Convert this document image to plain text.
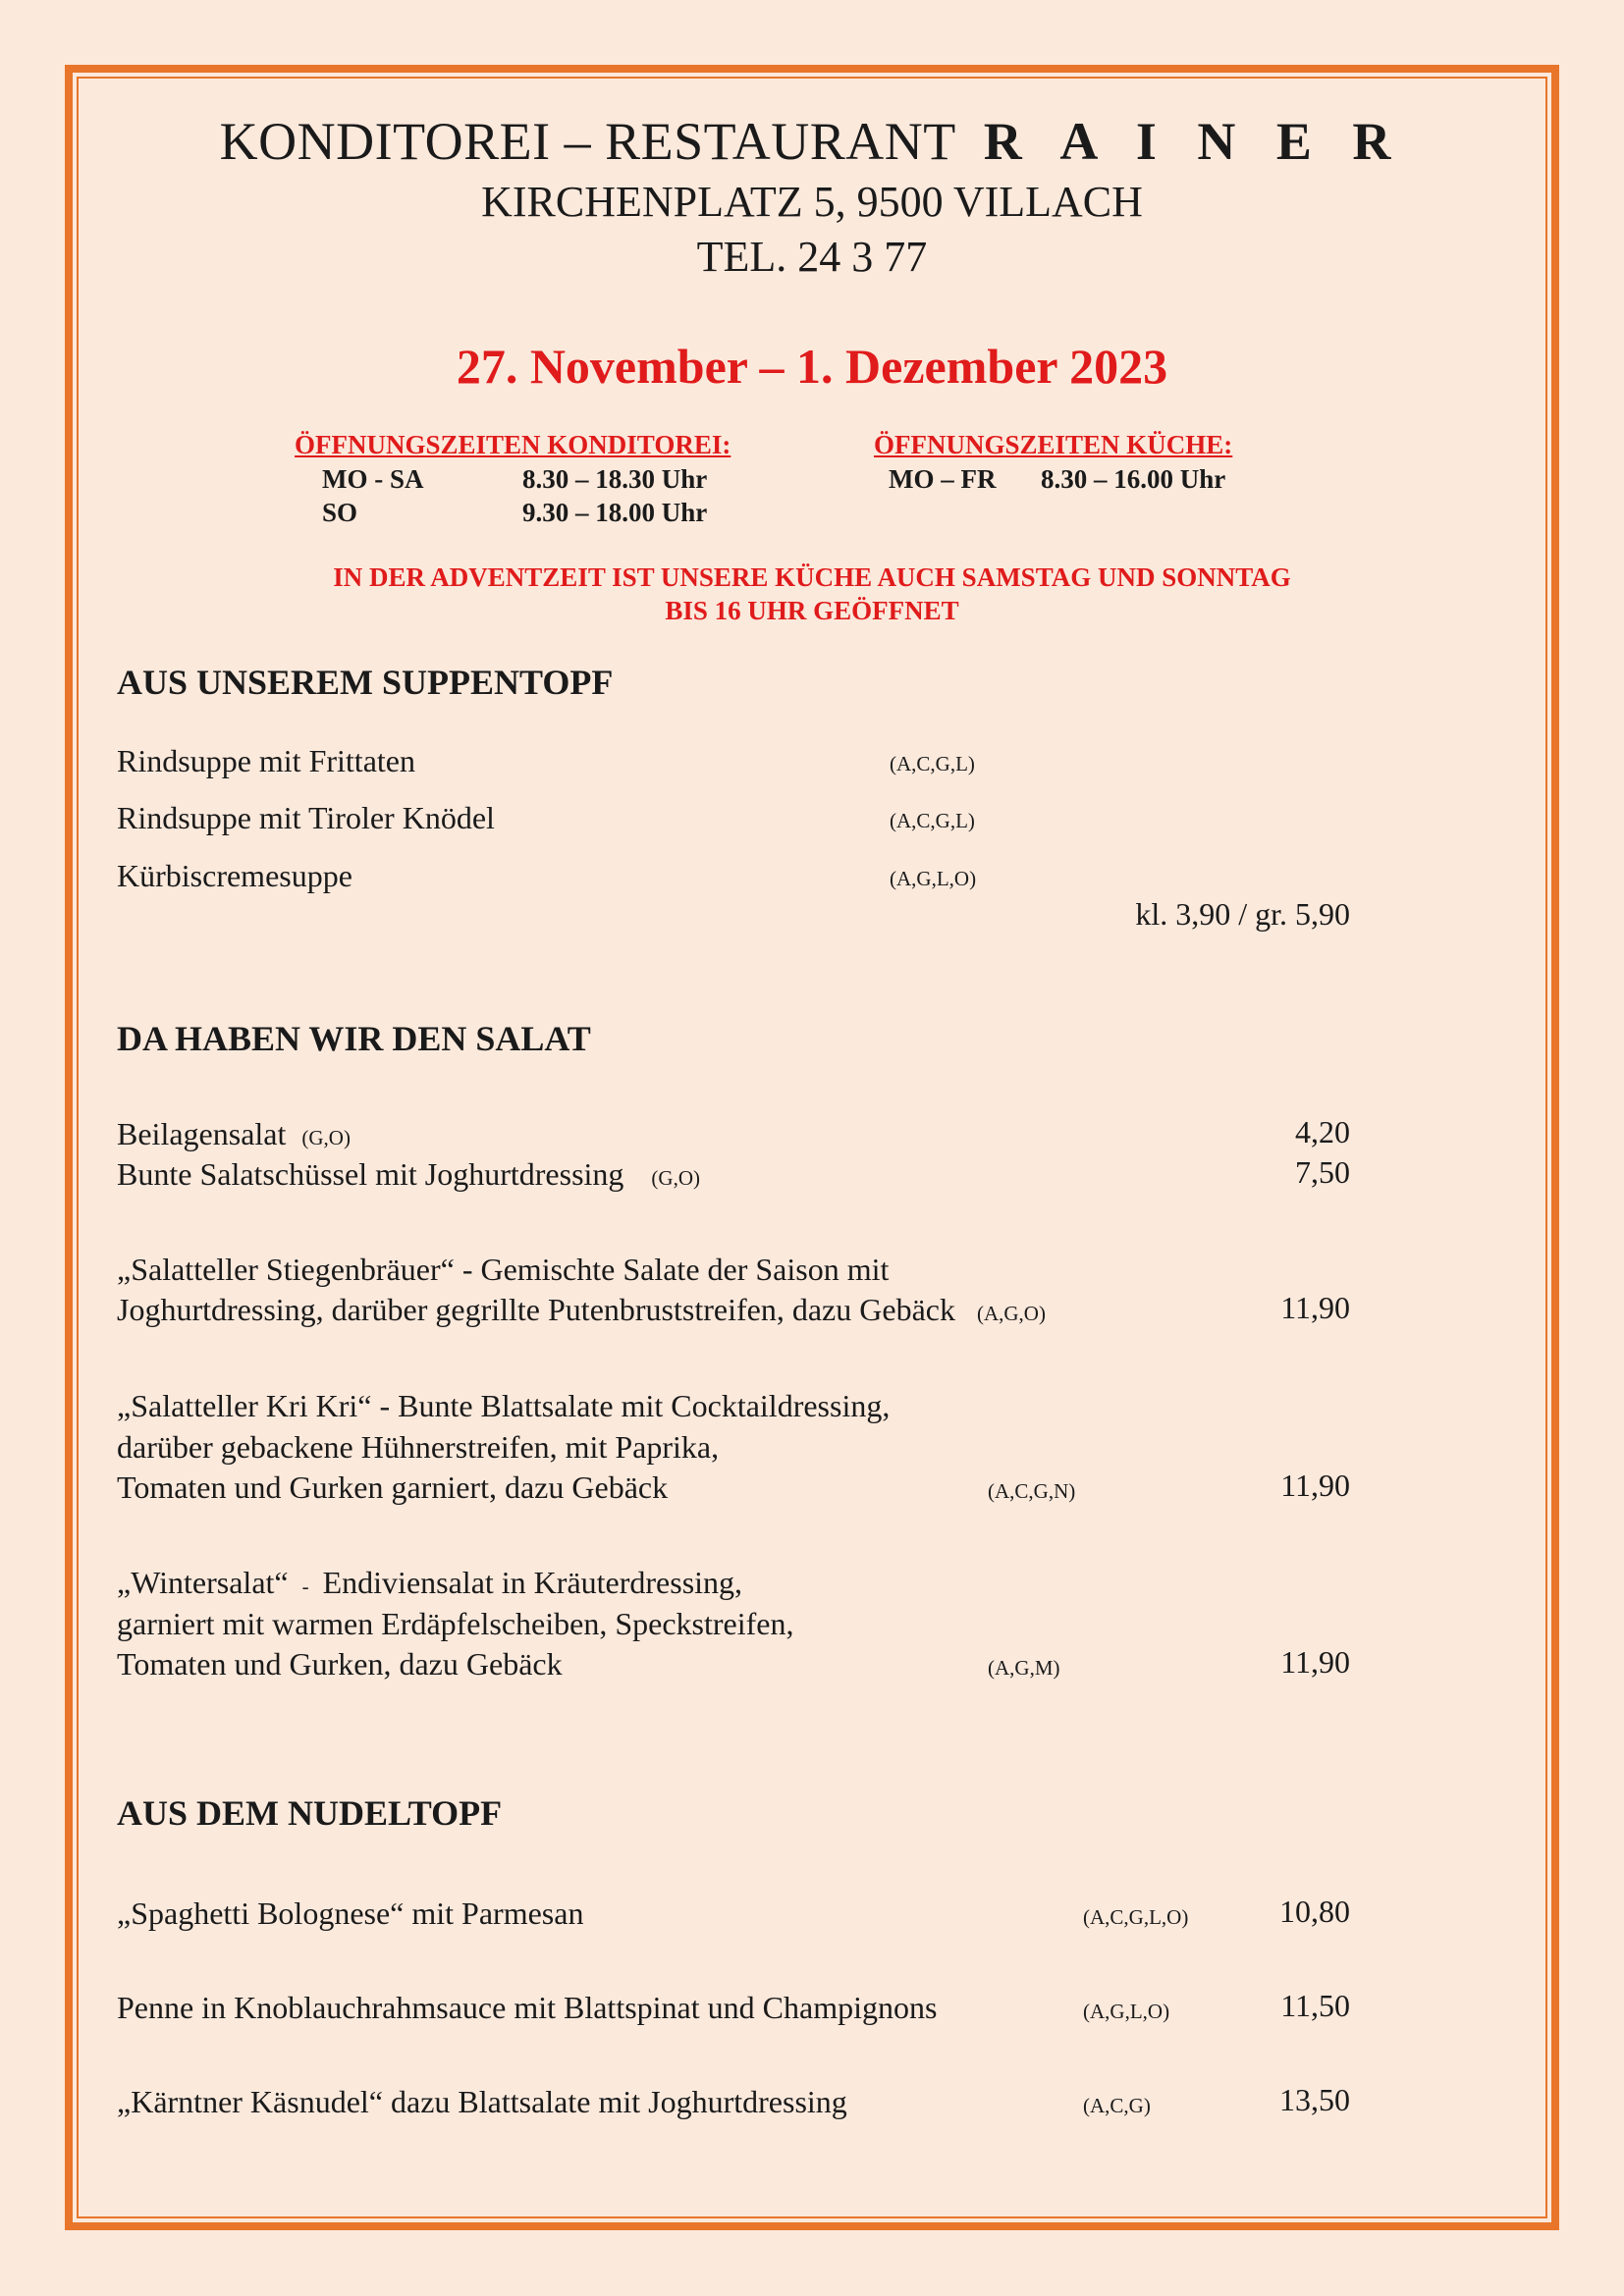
KONDITOREI – RESTAURANT R A I N E R
KIRCHENPLATZ 5, 9500 VILLACH
TEL. 24 3 77
27. November – 1. Dezember 2023
ÖFFNUNGSZEITEN KONDITOREI:
MO - SA	8.30 – 18.30 Uhr
SO	9.30 – 18.00 Uhr
ÖFFNUNGSZEITEN KÜCHE:
MO – FR 8.30 – 16.00 Uhr
IN DER ADVENTZEIT IST UNSERE KÜCHE AUCH SAMSTAG UND SONNTAG
BIS 16 UHR GEÖFFNET
AUS UNSEREM SUPPENTOPF
Rindsuppe mit Frittaten	(A,C,G,L)
Rindsuppe mit Tiroler Knödel	(A,C,G,L)
Kürbiscremesuppe	(A,G,L,O)
kl. 3,90 / gr. 5,90
DA HABEN WIR DEN SALAT
Beilagensalat (G,O)	4,20
Bunte Salatschüssel mit Joghurtdressing (G,O)	7,50
„Salatteller Stiegenbräuer“ - Gemischte Salate der Saison mit
Joghurtdressing, darüber gegrillte Putenbruststreifen, dazu Gebäck (A,G,O)	11,90
„Salatteller Kri Kri“ - Bunte Blattsalate mit Cocktaildressing,
darüber gebackene Hühnerstreifen, mit Paprika,
Tomaten und Gurken garniert, dazu Gebäck	(A,C,G,N)	11,90
„Wintersalat“ - Endiviensalat in Kräuterdressing,
garniert mit warmen Erdäpfelscheiben, Speckstreifen,
Tomaten und Gurken, dazu Gebäck	(A,G,M)	11,90
AUS DEM NUDELTOPF
„Spaghetti Bolognese“ mit Parmesan	(A,C,G,L,O)	10,80
Penne in Knoblauchrahmsauce mit Blattspinat und Champignons	(A,G,L,O)	11,50
„Kärntner Käsnudel“ dazu Blattsalate mit Joghurtdressing	(A,C,G)	13,50
